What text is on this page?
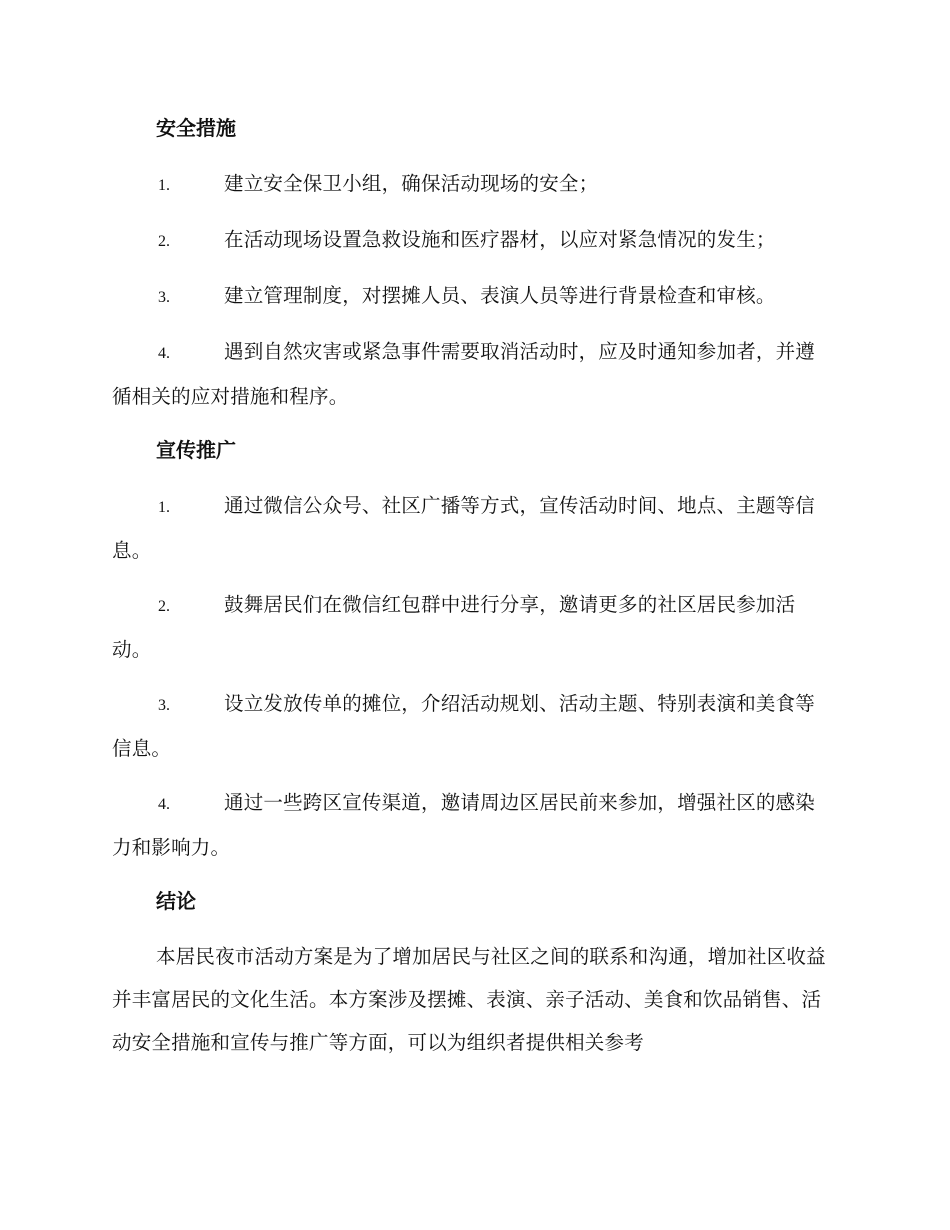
安全措施
1.	建立安全保卫小组，确保活动现场的安全；
2.	在活动现场设置急救设施和医疗器材，以应对紧急情况的发生；
3.	建立管理制度，对摆摊人员、表演人员等进行背景检查和审核。
4.	遇到自然灾害或紧急事件需要取消活动时，应及时通知参加者，并遵循相关的应对措施和程序。
宣传推广
1.	通过微信公众号、社区广播等方式，宣传活动时间、地点、主题等信息。
2.	鼓舞居民们在微信红包群中进行分享，邀请更多的社区居民参加活动。
3.	设立发放传单的摊位，介绍活动规划、活动主题、特别表演和美食等信息。
4.	通过一些跨区宣传渠道，邀请周边区居民前来参加，增强社区的感染力和影响力。
结论

本居民夜市活动方案是为了增加居民与社区之间的联系和沟通，增加社区收益并丰富居民的文化生活。本方案涉及摆摊、表演、亲子活动、美食和饮品销售、活动安全措施和宣传与推广等方面，可以为组织者提供相关参考
